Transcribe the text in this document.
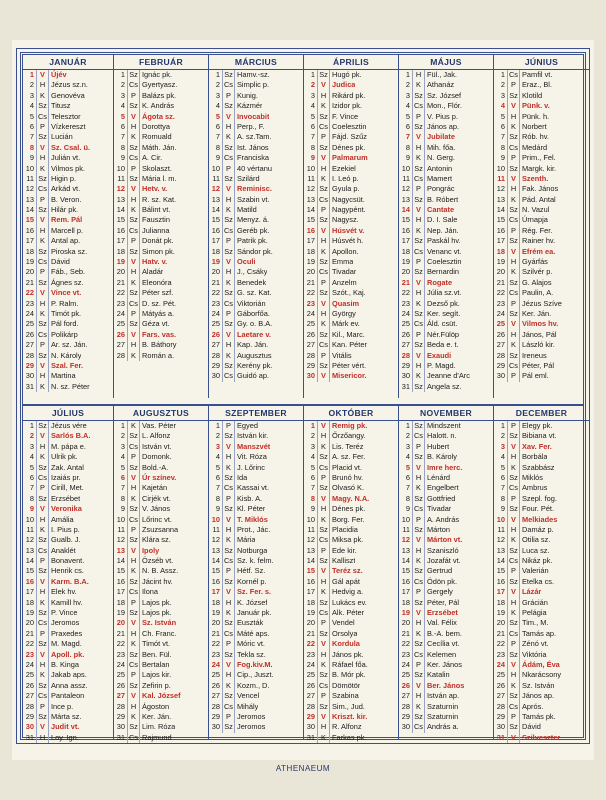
JANUÁR
1 V Újév
2 H Jézus sz.n.
3 K Genovéva
4 Sz Titusz
5 Cs Telesztor
6 P Vízkereszt
7 Sz Lucián
8 V Sz. Csal. ü.
9 H Julián vt.
10 K Vilmos pk.
11 Sz Higin p.
12 Cs Arkád vt.
13 P B. Veron.
14 Sz Hilár pk.
15 V Rem. Pál
16 H Marcell p.
17 K Antal ap.
18 Sz Piroska sz.
19 Cs Dávid
20 P Fáb., Seb.
21 Sz Ágnes sz.
22 V Vince vt.
23 H P. Ralm.
24 K Timót pk.
25 Sz Pál ford.
26 Cs Polikárp
27 P Ar. sz. Ján.
28 Sz N. Károly
29 V Szal. Fer.
30 H Martina
31 K N. sz. Péter
FEBRUÁR
1 Sz Ignác pk.
2 Cs Gyertyasz.
3 P Balázs pk.
4 Sz K. András
5 V Ágota sz.
6 H Dorottya
7 K Romuald
8 Sz Máth. Ján.
9 Cs A. Cir.
10 P Skolaszt.
11 Sz Mária l. m.
12 V Hetv. v.
13 H R. sz. Kat.
14 K Bálint vt.
15 Sz Fausztin
16 Cs Julianna
17 P Donát pk.
18 Sz Simon pk.
19 V Hatv. v.
20 H Aladár
21 K Eleonóra
22 Sz Péter szf.
23 Cs D. sz. Pét.
24 P Mátyás a.
25 Sz Géza vt.
26 V Fars. vas.
27 H B. Báthory
28 K Román a.
MÁRCIUS
1 Sz Hamv.-sz.
2 Cs Simplic p.
3 P Kunig.
4 Sz Kázmér
5 V Invocabit
6 H Perp., F.
7 K A. sz.Tam.
8 Sz Ist. János
9 Cs Franciska
10 P 40 vértanu
11 Sz Szilárd
12 V Reminisc.
13 H Szabin vt.
14 K Matild
15 Sz Menyz. á.
16 Cs Geréb pk.
17 P Patrik pk.
18 Sz Sándor pk.
19 V Oculi
20 H J., Csáky
21 K Benedek
22 Sz G. sz. Kat.
23 Cs Viktorián
24 P Gáborfőa.
25 Sz Gy. o. B.A.
26 V Laetare v.
27 H Kap. Ján.
28 K Augusztus
29 Sz Kerény pk.
30 Cs Guidó ap.
ÁPRILIS
1 Sz Hugó pk.
2 V Judica
3 H Rikárd pk.
4 K Izidor pk.
5 Sz F. Vince
6 Cs Coelesztin
7 P Fájd. Szűz
8 Sz Dénes pk.
9 V Palmarum
10 H Ezekiel
11 K I. Leó p.
12 Sz Gyula p.
13 Cs Nagycsüt.
14 P Nagypént.
15 Sz Nagysz.
16 V Húsvét v.
17 H Húsvét h.
18 K Apollon.
19 Sz Emma
20 Cs Tivadar
21 P Anzelm
22 Sz Szót., Kaj.
23 V Quasim
24 H György
25 K Márk ev.
26 Sz Kil., Marc.
27 Cs Kan. Péter
28 P Vitális
29 Sz Péter vért.
30 V Misericor.
MÁJUS
1 H Fül., Jak.
2 K Athanáz
3 Sz Sz. József
4 Cs Mon., Flór.
5 P V. Pius p.
6 Sz János ap.
7 V Jubilate
8 H Mih. főa.
9 K N. Gerg.
10 Sz Antonin
11 Cs Mamert
12 P Pongrác
13 Sz B. Róbert
14 V Cantate
15 H D. I. Sale
16 K Nep. Ján.
17 Sz Paskál hv.
18 Cs Venanc vt.
19 P Coelesztin
20 Sz Bernardin
21 V Rogate
22 H Júlia sz.vt.
23 K Dezső pk.
24 Sz Ker. segít.
25 Cs Áld. csüt.
26 P Nér.Fülöp
27 Sz Beda e. t.
28 V Exaudi
29 H P. Magd.
30 K Jeanne d'Arc
31 Sz Angela sz.
JÚNIUS
1 Cs Pamfil vt.
2 P Eraz., Bl.
3 Sz Klotild
4 V Pünk. v.
5 H Pünk. h.
6 K Norbert
7 Sz Rób. hv.
8 Cs Medárd
9 P Prim., Fel.
10 Sz Margk. kir.
11 V Szenth.
12 H Fak. János
13 K Pád. Antal
14 Sz N. Vazul
15 Cs Úrnapja
16 P Rég. Fer.
17 Sz Rainer hv.
18 V Efrém ea.
19 H Gyárfás
20 K Szilvér p.
21 Sz G. Alajos
22 Cs Paulin, A.
23 P Jézus Szíve
24 Sz Ker. Ján.
25 V Vilmos hv.
26 H János, Pál
27 K László kir.
28 Sz Ireneus
29 Cs Péter, Pál
30 P Pál eml.
JÚLIUS
1 Sz Jézus vére
2 V Sarlós B.A.
3 H M. pápa e.
4 K Ulrik pk.
5 Sz Zak. Antal
6 Cs Izaiás pr.
7 P Cirill, Met.
8 Sz Erzsébet
9 V Veronika
10 H Amália
11 K I. Pius p.
12 Sz Gualb. J.
13 Cs Anaklét
14 P Bonavent.
15 Sz Henrik cs.
16 V Karm. B.A.
17 H Elek hv.
18 K Kamill hv.
19 Sz P. Vince
20 Cs Jeromos
21 P Praxedes
22 Sz M. Magd.
23 V Apoll. pk.
24 H B. Kinga
25 K Jakab aps.
26 Sz Anna assz.
27 Cs Pantaleon
28 P Ince p.
29 Sz Márta sz.
30 V Judit vt.
31 H Loy. Ign.
AUGUSZTUS
1 K Vas. Péter
2 Sz L. Alfonz
3 Cs István vt.
4 P Domonk.
5 Sz Bold.-A.
6 V Úr színev.
7 H Kajetán
8 K Cirjék vt.
9 Sz V. János
10 Cs Lőrinc vt.
11 P Zsuzsanna
12 Sz Klára sz.
13 V Ipoly
14 H Özséb vt.
15 K N. B. Assz.
16 Sz Jácint hv.
17 Cs Ilona
18 P Lajos pk.
19 Sz Lajos pk.
20 V Sz. István
21 H Ch. Franc.
22 K Timót vt.
23 Sz Ben. Fül.
24 Cs Bertalan
25 P Lajos kir.
26 Sz Zefirin p.
27 V Kal. József
28 H Ágoston
29 K Ker. Ján.
30 Sz Lim. Róza
31 Cs Rajmund
SZEPTEMBER
1 P Egyed
2 Sz István kir.
3 V Manszvét
4 H Vit. Róza
5 K J. Lőrinc
6 Sz Ida
7 Cs Kassai vt.
8 P Kisb. A.
9 Sz Kl. Péter
10 V T. Miklós
11 H Prot., Jác.
12 K Mária
13 Sz Notburga
14 Cs Sz. k. felm.
15 P Hétf. Sz.
16 Sz Kornél p.
17 V Sz. Fer. s.
18 H K. József
19 K Január pk.
20 Sz Euszták
21 Cs Máté aps.
22 P Móric vt.
23 Sz Tekla sz.
24 V Fog.kiv.M.
25 H Cip., Juszt.
26 K Kozm., D.
27 Sz Vencel
28 Cs Mihály
29 P Jeromos
30 Sz Jeromos
OKTÓBER
1 V Remig pk.
2 H Őrzőangy.
3 K Lis. Teréz
4 Sz A. sz. Fer.
5 Cs Placid vt.
6 P Brunó hv.
7 Sz Olvasó K.
8 V Magy. N.A.
9 H Dénes pk.
10 K Borg. Fer.
11 Sz Placidia
12 Cs Miksa pk.
13 P Ede kir.
14 Sz Kalliszt
15 V Teréz sz.
16 H Gál apát
17 K Hedvig a.
18 Sz Lukács ev.
19 Cs Alk. Péter
20 P Vendel
21 Sz Orsolya
22 V Kordula
23 H János pk.
24 K Ráfael főa.
25 Sz B. Mór pk.
26 Cs Dömötör
27 P Szabina
28 Sz Sim., Jud.
29 V Kriszt. kir.
30 H R. Alfonz
31 K Farkas pk.
NOVEMBER
1 Sz Mindszent
2 Cs Halott. n.
3 P Hubert
4 Sz B. Károly
5 V Imre herc.
6 H Lénárd
7 K Engelbert
8 Sz Gottfried
9 Cs Tivadar
10 P A. András
11 Sz Márton
12 V Márton vt.
13 H Szaniszló
14 K Jozafát vt.
15 Sz Gertrud
16 Cs Ödön pk.
17 P Gergely
18 Sz Péter, Pál
19 V Erzsébet
20 H Val. Félix
21 K B.-A. bem.
22 Sz Cecília vt.
23 Cs Kelemen
24 P Ker. János
25 Sz Katalin
26 V Ber. János
27 H István ap.
28 K Szaturnin
29 Sz Szaturnin
30 Cs András a.
DECEMBER
1 P Elegy pk.
2 Sz Bibiana vt.
3 V Xav. Fer.
4 H Borbála
5 K Szabbász
6 Sz Miklós
7 Cs Ambrus
8 P Szepl. fog.
9 Sz Four. Pét.
10 V Melkiades
11 H Damáz p.
12 K Otilia sz.
13 Sz Luca sz.
14 Cs Nikáz pk.
15 P Valerián
16 Sz Etelka cs.
17 V Lázár
18 H Grácián
19 K Pelágia
20 Sz Tim., M.
21 Cs Tamás ap.
22 P Zénó vt.
23 Sz Viktória
24 V Ádám, Éva
25 H Nkarácsony
26 K Sz. István
27 Sz János ap.
28 Cs Aprós.
29 P Tamás pk.
30 Sz Dávid
31 V Szilveszter
ATHENAEUM
